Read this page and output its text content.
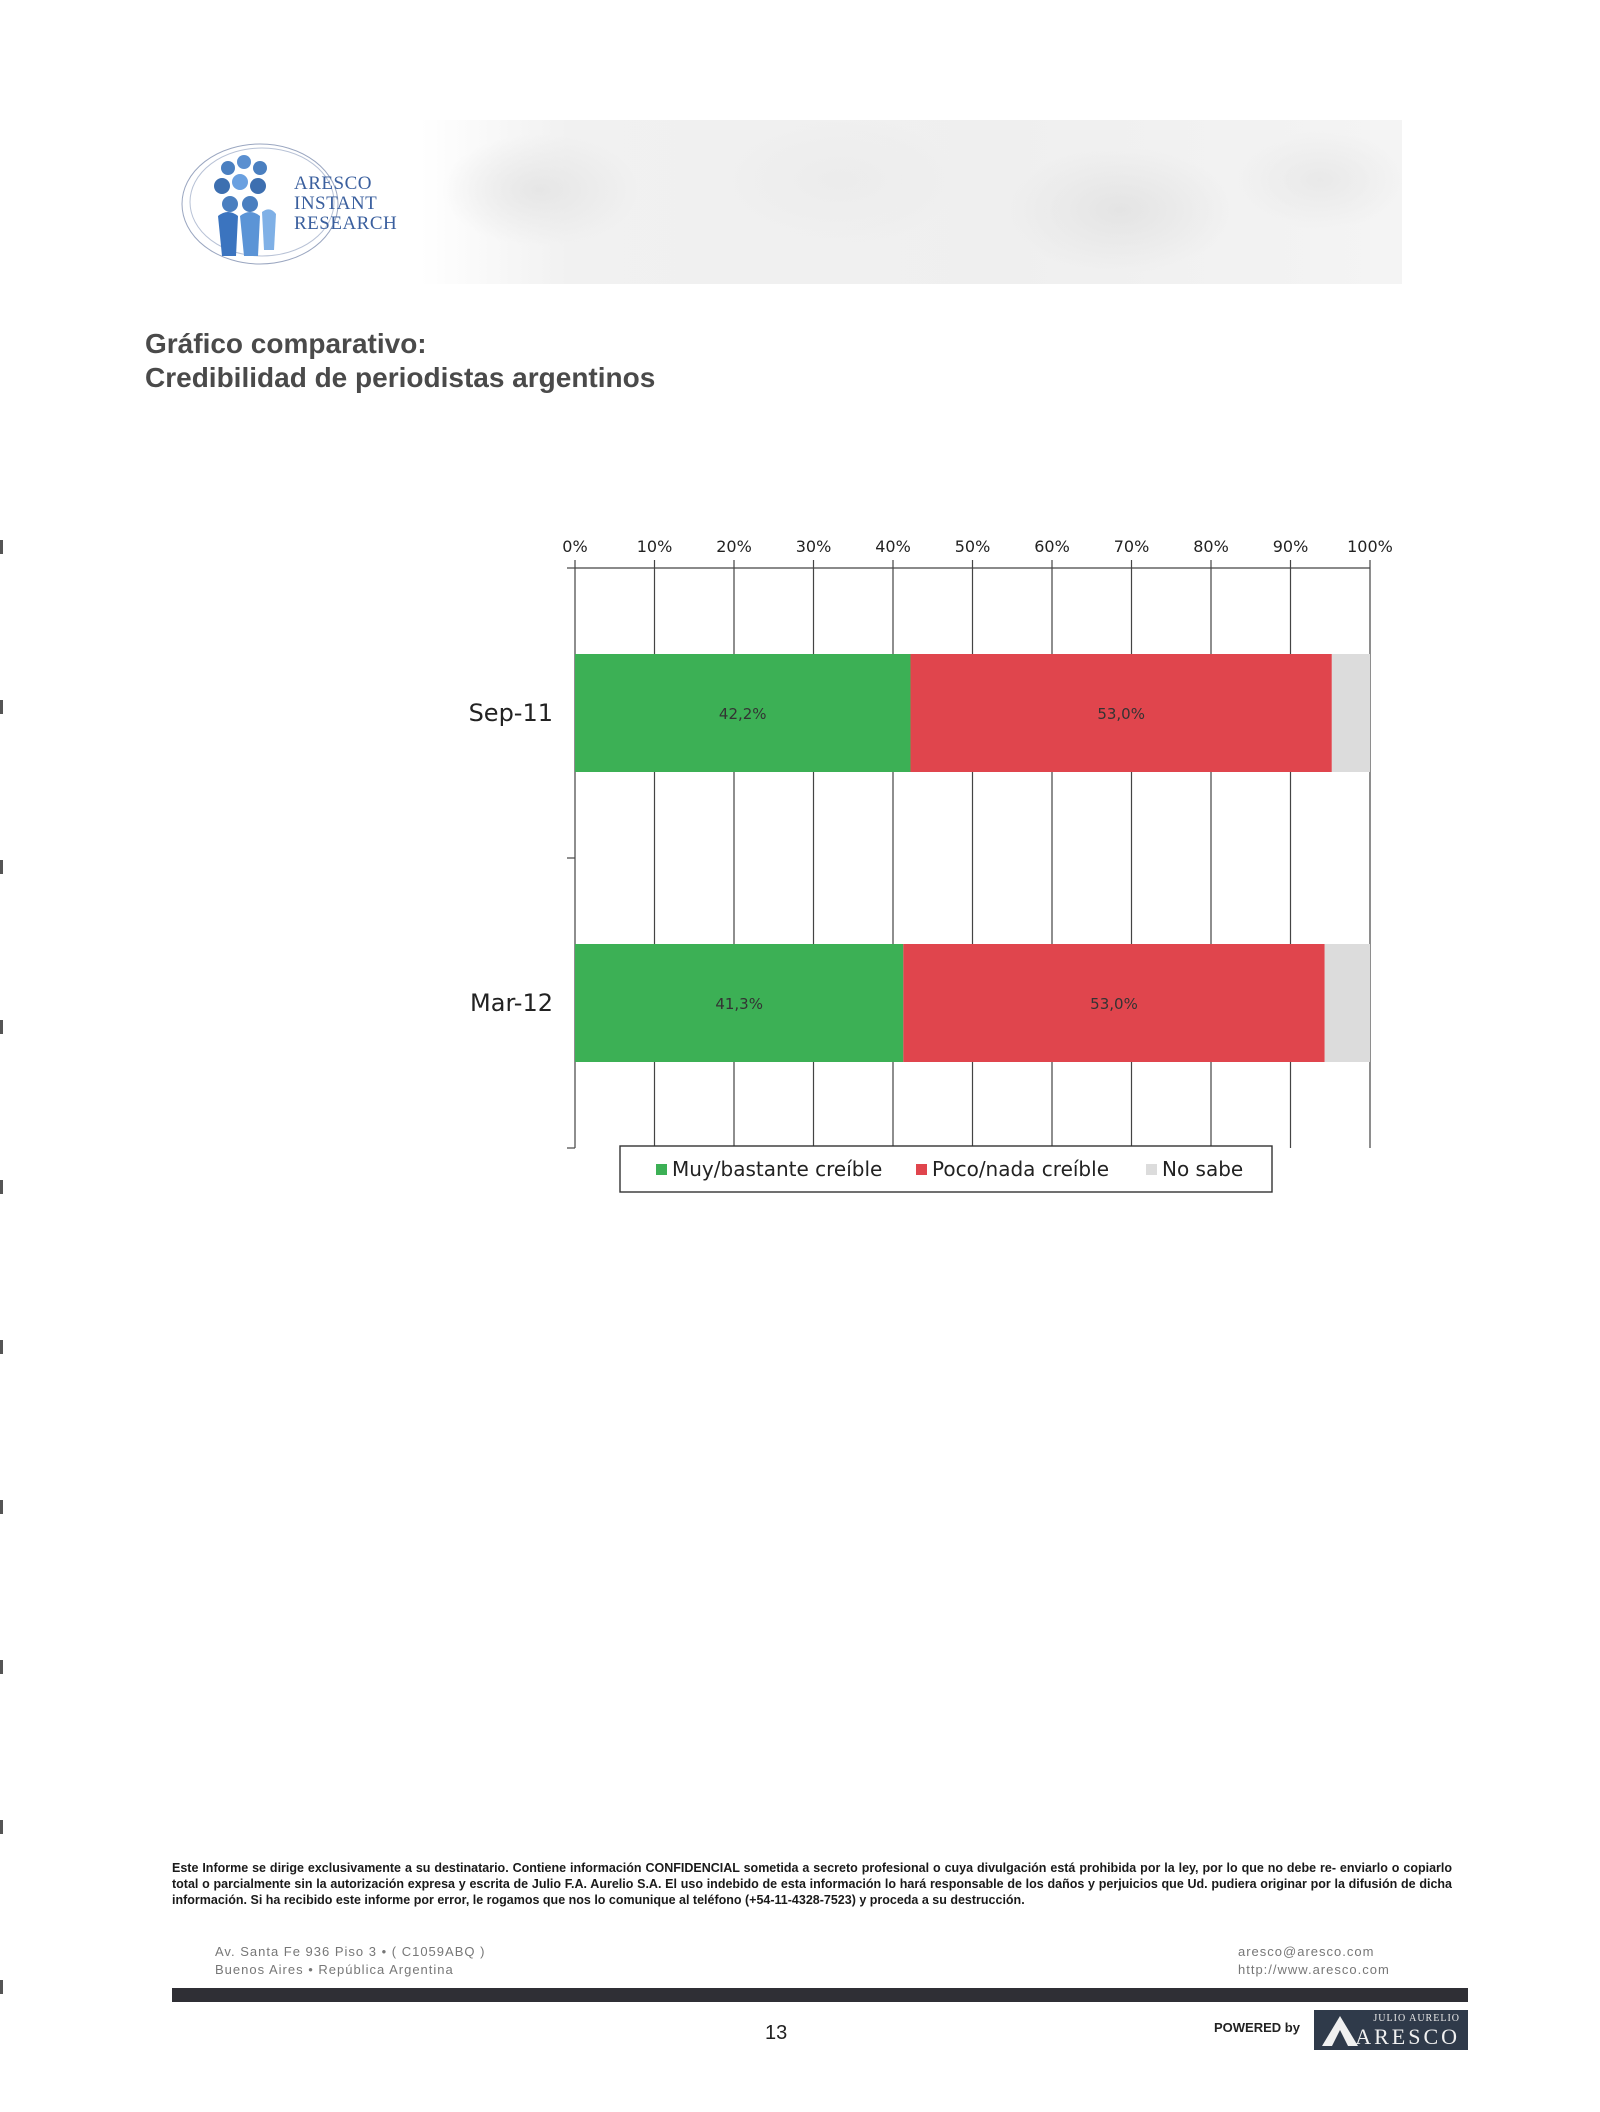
ARESCO
INSTANT
RESEARCH
Gráfico comparativo:
Credibilidad de periodistas argentinos
0%	10%	20%	30%	40%	50%	60%	70%	80%	90% 100%
42,2%	53,0%
Sep-11
41,3%	53,0%
Mar-12
Muy/bastante creíble Poco/nada creíble	No sabe
Este Informe se dirige exclusivamente a su destinatario. Contiene información CONFIDENCIAL sometida a secreto profesional o cuya divulgación está prohibida por la ley, por lo que no debe re- enviarlo o copiarlo total o parcialmente sin la autorización expresa y escrita de Julio F.A. Aurelio S.A. El uso indebido de esta información lo hará responsable de los daños y perjuicios que Ud. pudiera originar por la difusión de dicha información. Si ha recibido este informe por error, le rogamos que nos lo comunique al teléfono (+54-11-4328-7523) y proceda a su destrucción.
Av. Santa Fe 936 Piso 3 • ( C1059ABQ )
Buenos Aires • República Argentina
aresco@aresco.com
http://www.aresco.com
13	POWERED by
JULIO AURELIO
ARESCO
